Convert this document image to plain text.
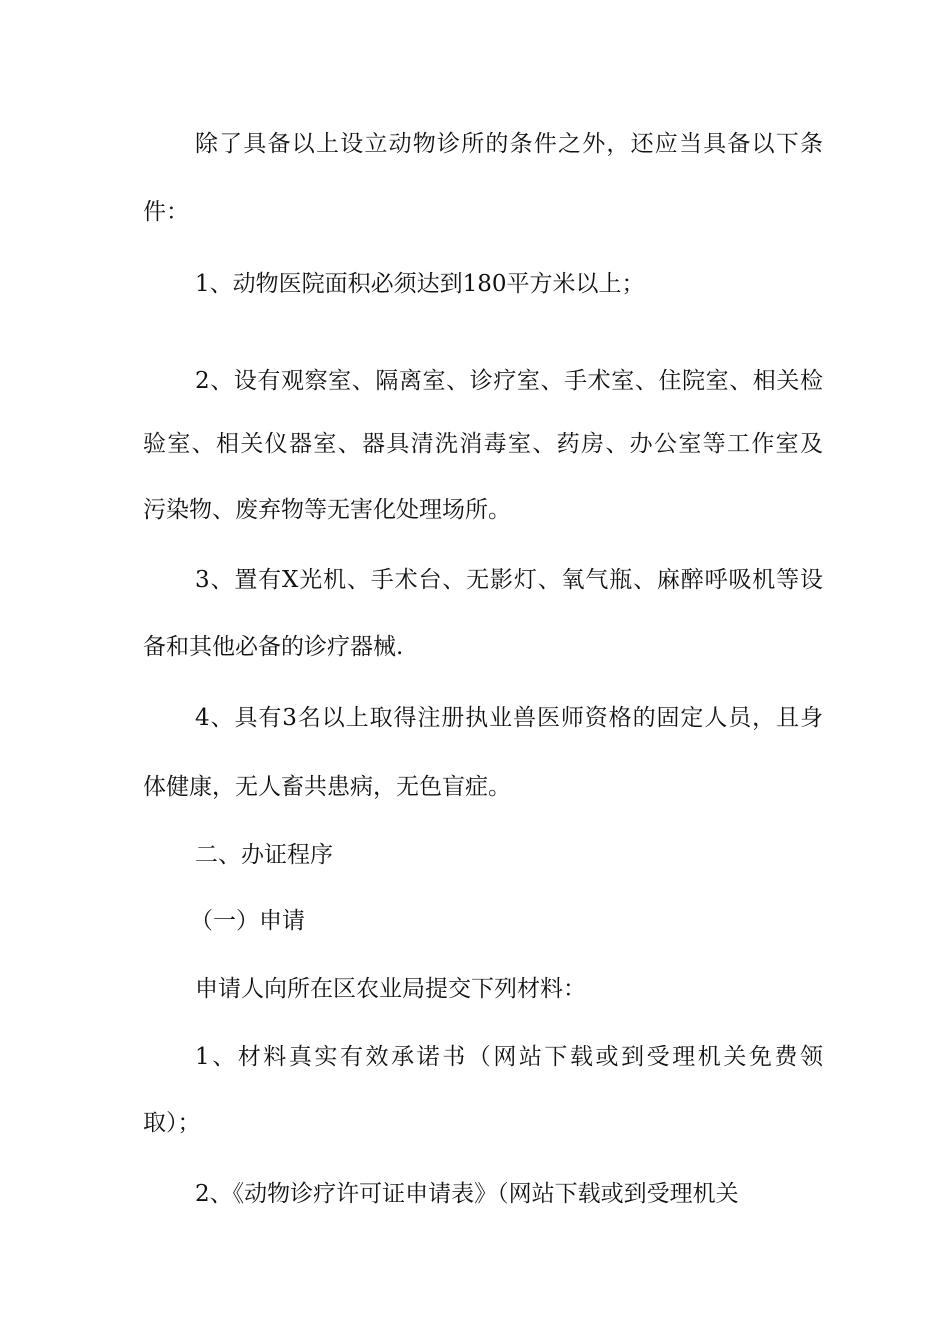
除了具备以上设立动物诊所的条件之外，还应当具备以下条
件：
1、动物医院面积必须达到180平方米以上；
2、设有观察室、隔离室、诊疗室、手术室、住院室、相关检
验室、相关仪器室、器具清洗消毒室、药房、办公室等工作室及
污染物、废弃物等无害化处理场所。
3、置有X光机、手术台、无影灯、氧气瓶、麻醉呼吸机等设
备和其他必备的诊疗器械.
4、具有3名以上取得注册执业兽医师资格的固定人员，且身
体健康，无人畜共患病，无色盲症。
二、办证程序
（一）申请
申请人向所在区农业局提交下列材料：
1、材料真实有效承诺书（网站下载或到受理机关免费领
取）；
2、《动物诊疗许可证申请表》（网站下载或到受理机关
